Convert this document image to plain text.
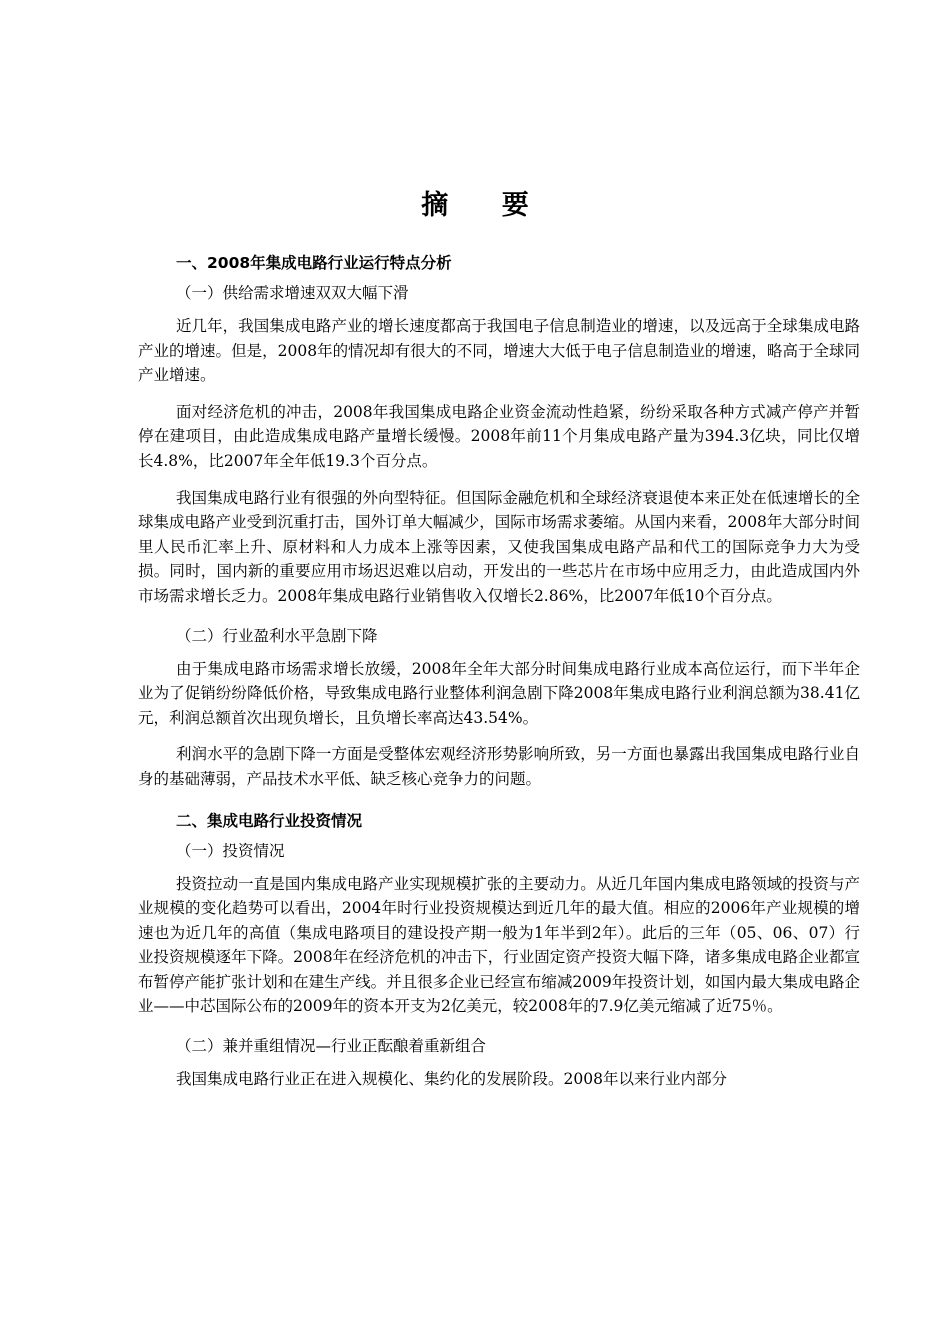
摘 要
一、2008年集成电路行业运行特点分析
（一）供给需求增速双双大幅下滑

近几年，我国集成电路产业的增长速度都高于我国电子信息制造业的增速，以及远高于全球集成电路产业的增速。但是，2008年的情况却有很大的不同，增速大大低于电子信息制造业的增速，略高于全球同产业增速。

面对经济危机的冲击，2008年我国集成电路企业资金流动性趋紧，纷纷采取各种方式减产停产并暂停在建项目，由此造成集成电路产量增长缓慢。2008年前11个月集成电路产量为394.3亿块，同比仅增长4.8%，比2007年全年低19.3个百分点。

我国集成电路行业有很强的外向型特征。但国际金融危机和全球经济衰退使本来正处在低速增长的全球集成电路产业受到沉重打击，国外订单大幅减少，国际市场需求萎缩。从国内来看，2008年大部分时间里人民币汇率上升、原材料和人力成本上涨等因素，又使我国集成电路产品和代工的国际竞争力大为受损。同时，国内新的重要应用市场迟迟难以启动，开发出的一些芯片在市场中应用乏力，由此造成国内外市场需求增长乏力。2008年集成电路行业销售收入仅增长2.86%，比2007年低10个百分点。

（二）行业盈利水平急剧下降

由于集成电路市场需求增长放缓，2008年全年大部分时间集成电路行业成本高位运行，而下半年企业为了促销纷纷降低价格，导致集成电路行业整体利润急剧下降2008年集成电路行业利润总额为38.41亿元，利润总额首次出现负增长，且负增长率高达43.54%。

利润水平的急剧下降一方面是受整体宏观经济形势影响所致，另一方面也暴露出我国集成电路行业自身的基础薄弱，产品技术水平低、缺乏核心竞争力的问题。

二、集成电路行业投资情况
（一）投资情况

投资拉动一直是国内集成电路产业实现规模扩张的主要动力。从近几年国内集成电路领域的投资与产业规模的变化趋势可以看出，2004年时行业投资规模达到近几年的最大值。相应的2006年产业规模的增速也为近几年的高值（集成电路项目的建设投产期一般为1年半到2年）。此后的三年（05、06、07）行业投资规模逐年下降。2008年在经济危机的冲击下，行业固定资产投资大幅下降，诸多集成电路企业都宣布暂停产能扩张计划和在建生产线。并且很多企业已经宣布缩减2009年投资计划，如国内最大集成电路企业——中芯国际公布的2009年的资本开支为2亿美元，较2008年的7.9亿美元缩减了近75％。

（二）兼并重组情况—行业正酝酿着重新组合

我国集成电路行业正在进入规模化、集约化的发展阶段。2008年以来行业内部分
